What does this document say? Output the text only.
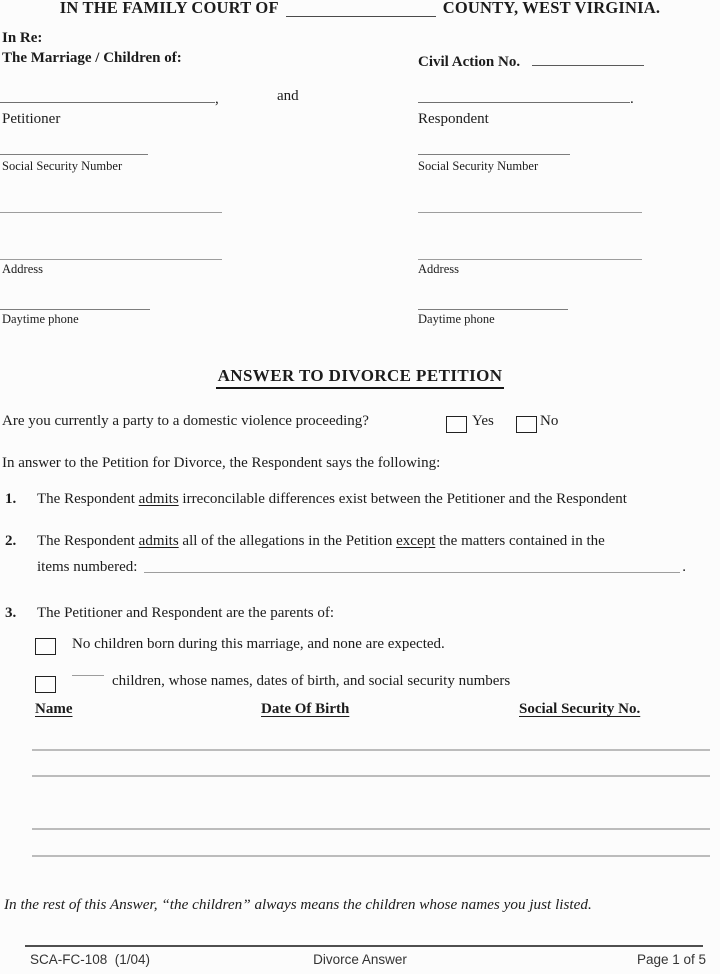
IN THE FAMILY COURT OF	COUNTY, WEST VIRGINIA.
In Re:
The Marriage / Children of:	Civil Action No.
,	and	.
Petitioner	Respondent
Social Security Number	Social Security Number
Address	Address
Daytime phone	Daytime phone
ANSWER TO DIVORCE PETITION
Are you currently a party to a domestic violence proceeding?	Yes	No
In answer to the Petition for Divorce, the Respondent says the following:
1. The Respondent admits irreconcilable differences exist between the Petitioner and the Respondent
2. The Respondent admits all of the allegations in the Petition except the matters contained in the
items numbered:	.
3. The Petitioner and Respondent are the parents of:
No children born during this marriage, and none are expected.
children, whose names, dates of birth, and social security numbers
Name	Date Of Birth	Social Security No.
In the rest of this Answer, “the children” always means the children whose names you just listed.
SCA-FC-108  (1/04)	Divorce Answer	Page 1 of 5
